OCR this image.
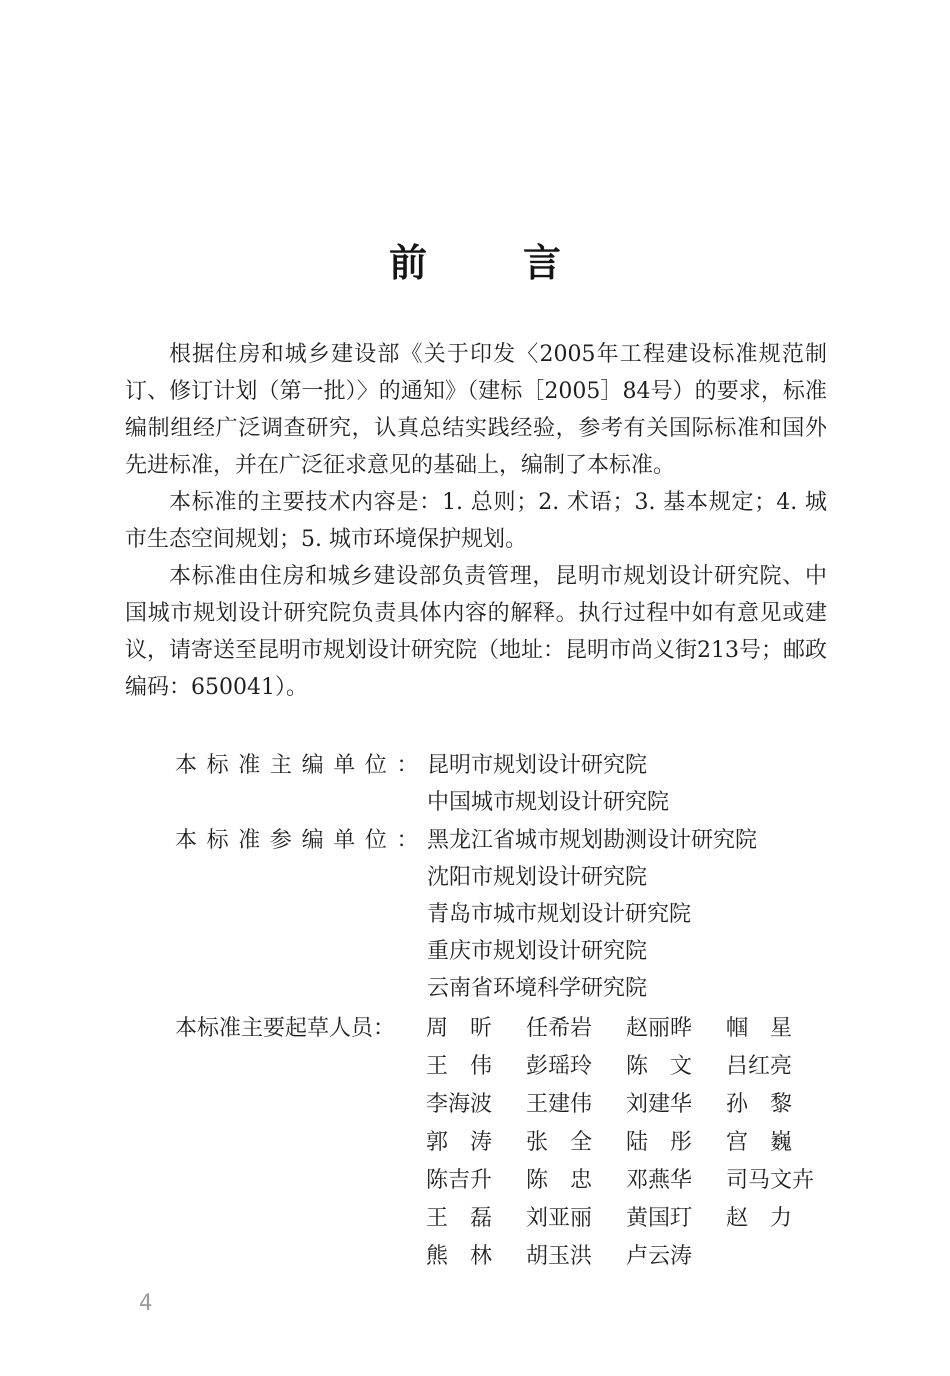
前	言

根据住房和城乡建设部《关于印发〈2005年工程建设标准规范制订、修订计划（第一批）〉的通知》（建标［2005］84号）的要求，标准编制组经广泛调查研究，认真总结实践经验，参考有关国际标准和国外先进标准，并在广泛征求意见的基础上，编制了本标准。

本标准的主要技术内容是：1. 总则；2. 术语；3. 基本规定；4. 城市生态空间规划；5. 城市环境保护规划。

本标准由住房和城乡建设部负责管理，昆明市规划设计研究院、中国城市规划设计研究院负责具体内容的解释。执行过程中如有意见或建议，请寄送至昆明市规划设计研究院（地址：昆明市尚义街213号；邮政编码：650041）。

本标准主编单位： 昆明市规划设计研究院
中国城市规划设计研究院
本标准参编单位： 黑龙江省城市规划勘测设计研究院
沈阳市规划设计研究院
青岛市城市规划设计研究院
重庆市规划设计研究院
云南省环境科学研究院
本标准主要起草人员： 周　昕	任希岩	赵丽晔	帼　星
王　伟	彭瑶玲	陈　文	吕红亮
李海波	王建伟	刘建华	孙　黎
郭　涛	张　全	陆　彤	宫　巍
陈吉升	陈　忠	邓燕华	司马文卉
王　磊	刘亚丽	黄国玎	赵　力
熊　林	胡玉洪	卢云涛
4
